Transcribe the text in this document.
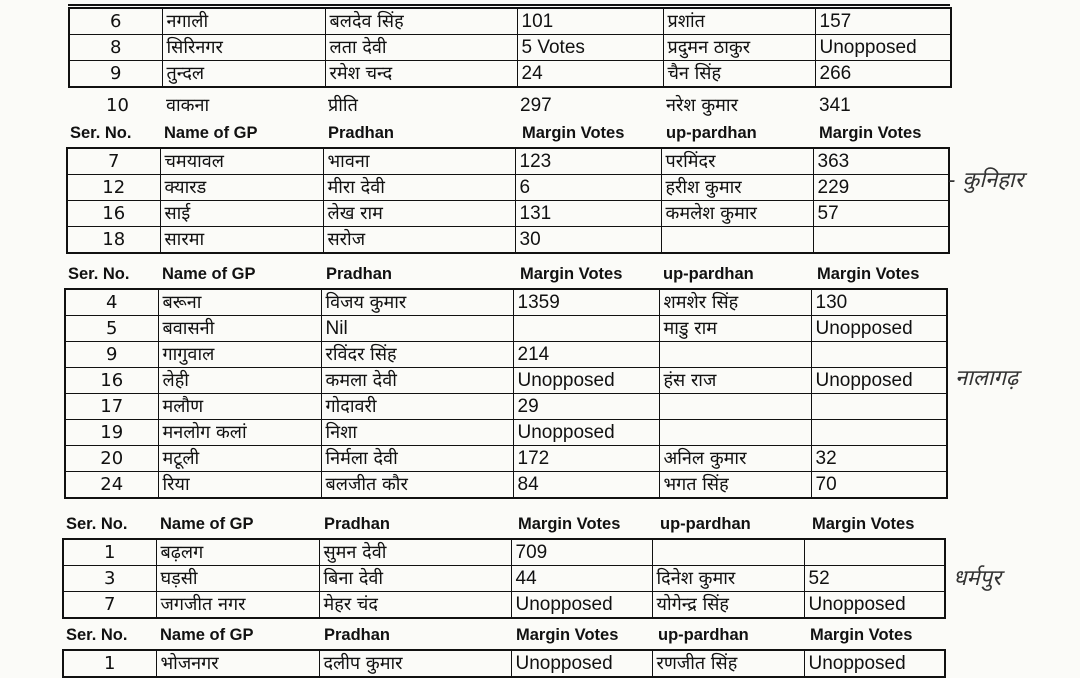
6	नगाली	बलदेव सिंह	101	प्रशांत	157
8	सिरिनगर	लता देवी	5 Votes	प्रदुमन ठाकुर	Unopposed
9	तुन्दल	रमेश चन्द	24	चैन सिंह	266
10 वाकना	प्रीति	297	नरेश कुमार	341
Ser. No. Name of GP	Pradhan	Margin Votes	up-pardhan	Margin Votes
7	चमयावल	भावना	123	परमिंदर	363
12	क्यारड	मीरा देवी	6	हरीश कुमार	229
16	साई	लेख राम	131	कमलेश कुमार	57
18	सारमा	सरोज	30		
- कुनिहार
Ser. No. Name of GP	Pradhan	Margin Votes up-pardhan	Margin Votes
4	बरूना	विजय कुमार	1359	शमशेर सिंह	130
5	बवासनी	Nil		माडु राम	Unopposed
9	गागुवाल	रविंदर सिंह	214		
16	लेही	कमला देवी	Unopposed	हंस राज	Unopposed
17	मलौण	गोदावरी	29		
19	मनलोग कलां	निशा	Unopposed		
20	मटूली	निर्मला देवी	172	अनिल कुमार	32
24	रिया	बलजीत कौर	84	भगत सिंह	70
नालागढ़
Ser. No. Name of GP	Pradhan	Margin Votes up-pardhan	Margin Votes
1	बढ़लग	सुमन देवी	709		
3	घड़सी	बिना देवी	44	दिनेश कुमार	52
7	जगजीत नगर	मेहर चंद	Unopposed	योगेन्द्र सिंह	Unopposed
धर्मपुर
Ser. No. Name of GP	Pradhan	Margin Votes up-pardhan	Margin Votes
1	भोजनगर	दलीप कुमार	Unopposed	रणजीत सिंह	Unopposed
